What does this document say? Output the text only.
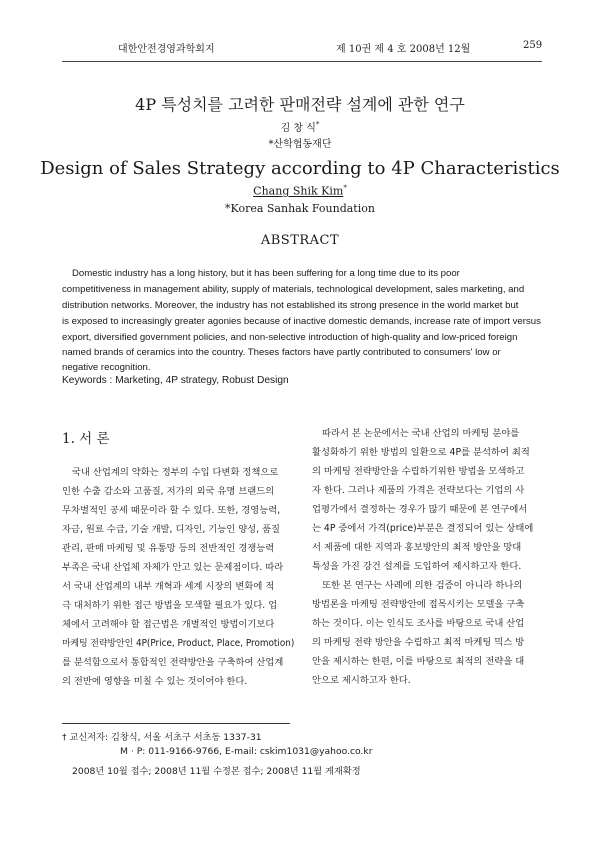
대한안전경영과학회지	제 10권 제 4 호 2008년 12월	259
4P 특성치를 고려한 판매전략 설계에 관한 연구
김 창 식*
*산학협동재단
Design of Sales Strategy according to 4P Characteristics
Chang Shik Kim*
*Korea Sanhak Foundation
ABSTRACT
Domestic industry has a long history, but it has been suffering for a long time due to its poor
competitiveness in management ability, supply of materials, technological development, sales marketing, and
distribution networks. Moreover, the industry has not established its strong presence in the world market but
is exposed to increasingly greater agonies because of inactive domestic demands, increase rate of import versus
export, diversified government policies, and non-selective introduction of high-quality and low-priced foreign
named brands of ceramics into the country. Theses factors have partly contributed to consumers' low or
negative recognition.
Keywords : Marketing, 4P strategy, Robust Design
1. 서 론
국내 산업계의 약화는 정부의 수입 다변화 정책으로
인한 수출 감소와 고품질, 저가의 외국 유명 브랜드의
무차별적인 공세 때문이라 할 수 있다. 또한, 경영능력,
자금, 원료 수급, 기술 개발, 디자인, 기능인 양성, 품질
관리, 판매 마케팅 및 유통망 등의 전반적인 경쟁능력
부족은 국내 산업체 자체가 안고 있는 문제점이다. 따라
서 국내 산업계의 내부 개혁과 세계 시장의 변화에 적
극 대처하기 위한 접근 방법을 모색할 필요가 있다. 업
체에서 고려해야 할 접근법은 개별적인 방법이기보다
마케팅 전략방안인 4P(Price, Product, Place, Promotion)
를 분석함으로서 통합적인 전략방안을 구축하여 산업계
의 전반에 영향을 미칠 수 있는 것이어야 한다.
따라서 본 논문에서는 국내 산업의 마케팅 분야를
활성화하기 위한 방법의 일환으로 4P를 분석하여 최적
의 마케팅 전략방안을 수립하기위한 방법을 모색하고
자 한다. 그러나 제품의 가격은 전략보다는 기업의 사
업평가에서 결정하는 경우가 많기 때문에 본 연구에서
는 4P 중에서 가격(price)부분은 결정되어 있는 상태에
서 제품에 대한 지역과 홍보방안의 최적 방안을 망대
특성을 가진 강건 설계를 도입하여 제시하고자 한다.
또한 본 연구는 사례에 의한 검증이 아니라 하나의
방법론을 마케팅 전략방안에 접목시키는 모델을 구축
하는 것이다. 이는 인식도 조사를 바탕으로 국내 산업
의 마케팅 전략 방안을 수립하고 최적 마케팅 믹스 방
안을 제시하는 한편, 이를 바탕으로 최적의 전략을 대
안으로 제시하고자 한다.
† 교신저자: 김창식, 서울 서초구 서초동 1337-31
M · P: 011-9166-9766, E-mail: cskim1031@yahoo.co.kr
2008년 10월 접수; 2008년 11월 수정본 접수; 2008년 11월 게재확정
